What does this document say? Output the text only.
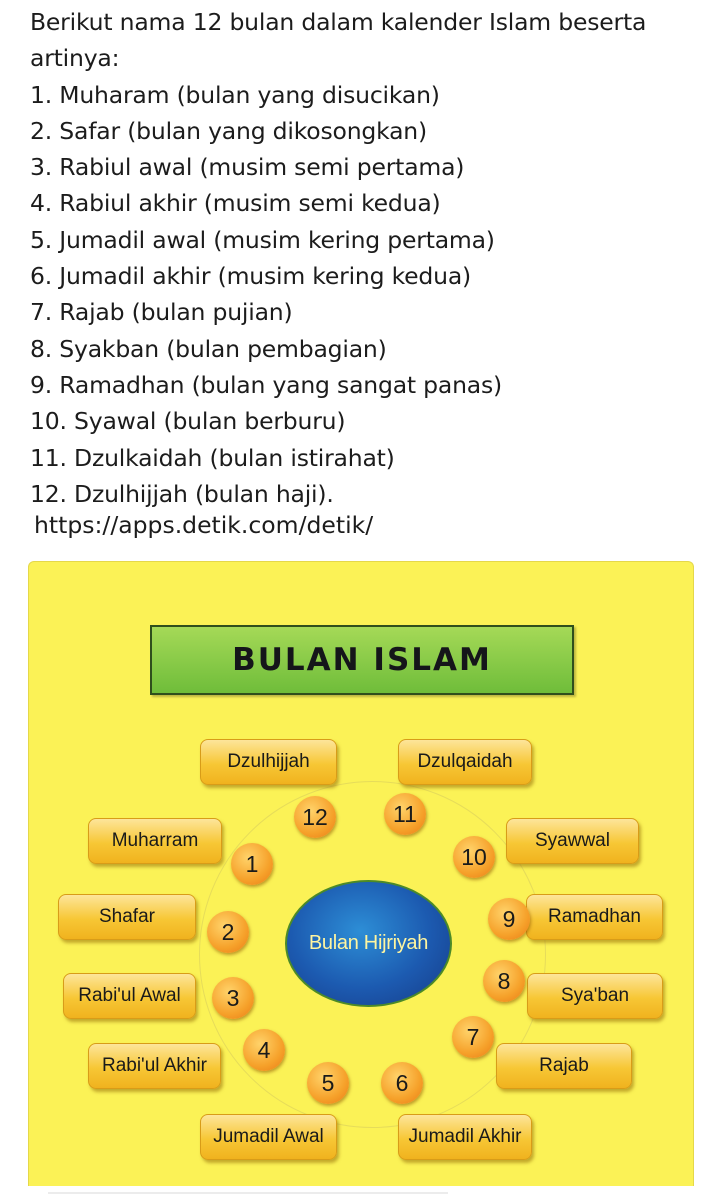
Berikut nama 12 bulan dalam kalender Islam beserta
artinya:
1. Muharam (bulan yang disucikan)
2. Safar (bulan yang dikosongkan)
3. Rabiul awal (musim semi pertama)
4. Rabiul akhir (musim semi kedua)
5. Jumadil awal (musim kering pertama)
6. Jumadil akhir (musim kering kedua)
7. Rajab (bulan pujian)
8. Syakban (bulan pembagian)
9. Ramadhan (bulan yang sangat panas)
10. Syawal (bulan berburu)
11. Dzulkaidah (bulan istirahat)
12. Dzulhijjah (bulan haji).
https://apps.detik.com/detik/
BULAN ISLAM
Bulan Hijriyah
Dzulhijjah	Dzulqaidah
Muharram	Syawwal
Shafar	Ramadhan
Rabi'ul Awal	Sya'ban
Rabi'ul Akhir	Rajab
Jumadil Awal	Jumadil Akhir
12	11
1	10
2	9
3
8
4	7
5	6
